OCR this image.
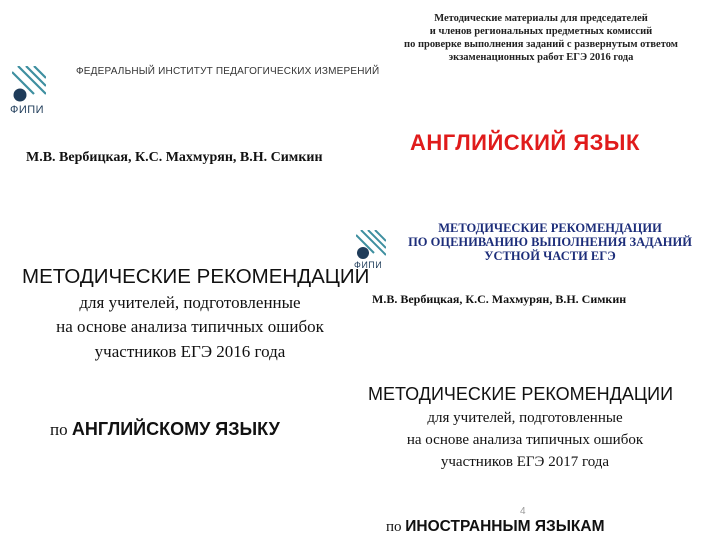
ФИПИ
ФЕДЕРАЛЬНЫЙ ИНСТИТУТ ПЕДАГОГИЧЕСКИХ ИЗМЕРЕНИЙ
М.В. Вербицкая, К.С. Махмурян, В.Н. Симкин
МЕТОДИЧЕСКИЕ РЕКОМЕНДАЦИИ
для учителей, подготовленные
на основе анализа типичных ошибок
участников ЕГЭ 2016 года
по АНГЛИЙСКОМУ ЯЗЫКУ
Методические материалы для председателей
и членов региональных предметных комиссий
по проверке выполнения заданий с развернутым ответом
экзаменационных работ ЕГЭ 2016 года
АНГЛИЙСКИЙ ЯЗЫК
ФИПИ
МЕТОДИЧЕСКИЕ РЕКОМЕНДАЦИИ
ПО ОЦЕНИВАНИЮ ВЫПОЛНЕНИЯ ЗАДАНИЙ
УСТНОЙ ЧАСТИ ЕГЭ
М.В. Вербицкая, К.С. Махмурян, В.Н. Симкин
МЕТОДИЧЕСКИЕ РЕКОМЕНДАЦИИ
для учителей, подготовленные
на основе анализа типичных ошибок
участников ЕГЭ 2017 года
по ИНОСТРАННЫМ ЯЗЫКАМ
4
